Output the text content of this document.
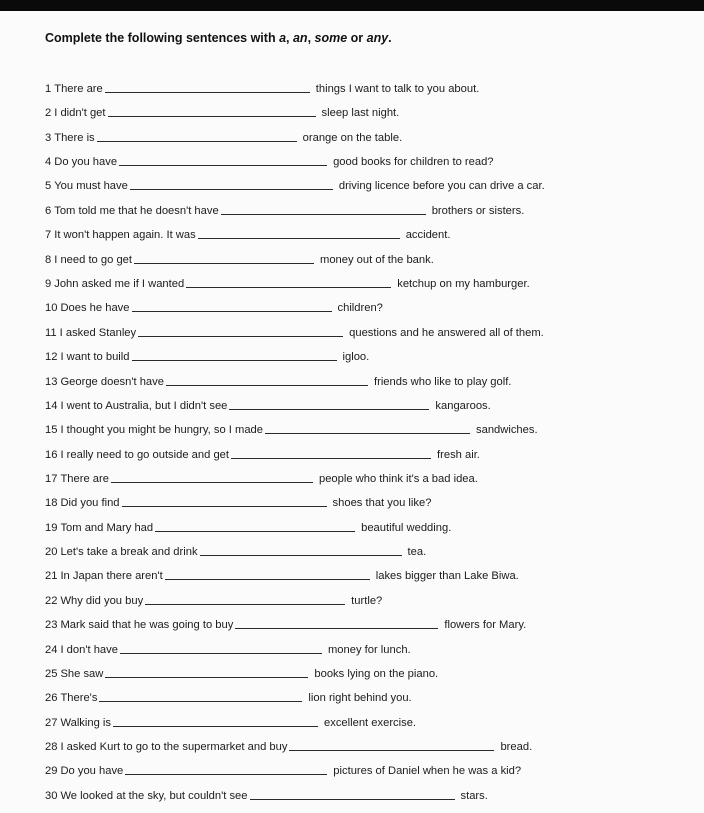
Complete the following sentences with a, an, some or any.
1 There are	things I want to talk to you about.
2 I didn't get	sleep last night.
3 There is	orange on the table.
4 Do you have	good books for children to read?
5 You must have	driving licence before you can drive a car.
6 Tom told me that he doesn't have	brothers or sisters.
7 It won't happen again. It was	accident.
8 I need to go get	money out of the bank.
9 John asked me if I wanted	ketchup on my hamburger.
10 Does he have	children?
11 I asked Stanley	questions and he answered all of them.
12 I want to build	igloo.
13 George doesn't have	friends who like to play golf.
14 I went to Australia, but I didn't see	kangaroos.
15 I thought you might be hungry, so I made	sandwiches.
16 I really need to go outside and get	fresh air.
17 There are	people who think it's a bad idea.
18 Did you find	shoes that you like?
19 Tom and Mary had	beautiful wedding.
20 Let's take a break and drink	tea.
21 In Japan there aren't	lakes bigger than Lake Biwa.
22 Why did you buy	turtle?
23 Mark said that he was going to buy	flowers for Mary.
24 I don't have	money for lunch.
25 She saw	books lying on the piano.
26 There's	lion right behind you.
27 Walking is	excellent exercise.
28 I asked Kurt to go to the supermarket and buy	bread.
29 Do you have	pictures of Daniel when he was a kid?
30 We looked at the sky, but couldn't see	stars.
